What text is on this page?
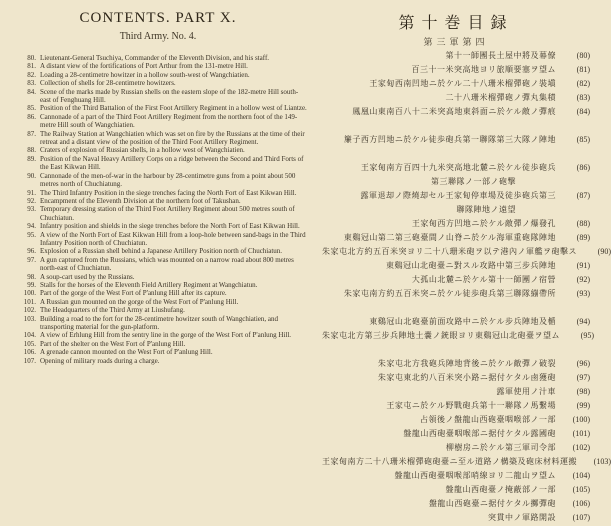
CONTENTS. PART X.
Third Army. No. 4.
80. Lieutenant-General Tsuchiya, Commander of the Eleventh Division, and his staff.
81. A distant view of the fortifications of Port Arthur from the 131-metre Hill.
82. Loading a 28-centimetre howitzer in a hollow south-west of Wangchiatien.
83. Collection of shells for 28-centimetre howitzers.
84. Scene of the marks made by Russian shells on the eastern slope of the 182-metre Hill south-east of Fenghuang Hill.
85. Position of the Third Battalion of the First Foot Artillery Regiment in a hollow west of Liantze.
86. Cannonade of a part of the Third Foot Artillery Regiment from the northern foot of the 149-metre Hill south of Wangchiatien.
87. The Railway Station at Wangchiatien which was set on fire by the Russians at the time of their retreat and a distant view of the position of the Third Foot Artillery Regiment.
88. Craters of explosion of Russian shells, in a hollow west of Wangchiatien.
89. Position of the Naval Heavy Artillery Corps on a ridge between the Second and Third Forts of the East Kikwan Hill.
90. Cannonade of the men-of-war in the harbour by 28-centimetre guns from a point about 500 metres north of Chuchiatung.
91. The Third Infantry Position in the siege trenches facing the North Fort of East Kikwan Hill.
92. Encampment of the Eleventh Division at the northern foot of Takushan.
93. Temporary dressing station of the Third Foot Artillery Regiment about 500 metres south of Chuchiatun.
94. Infantry position and shields in the siege trenches before the North Fort of East Kikwan Hill.
95. A view of the North Fort of East Kikwan Hill from a loop-hole between sand-bags in the Third Infantry Position north of Chuchiatun.
96. Explosion of a Russian shell behind a Japanese Artillery Position north of Chuchiatun.
97. A gun captured from the Russians, which was mounted on a narrow road about 800 metres north-east of Chuchiatun.
98. A soup-cart used by the Russians.
99. Stalls for the horses of the Eleventh Field Artillery Regiment at Wangchiatun.
100. Part of the gorge of the West Fort of P'anlung Hill after its capture.
101. A Russian gun mounted on the gorge of the West Fort of P'anlung Hill.
102. The Headquarters of the Third Army at Liushufang.
103. Building a road to the fort for the 28-centimetre howitzer south of Wangchiatien, and transporting material for the gun-platform.
104. A view of Erhlung Hill from the sentry line in the gorge of the West Fort of P'anlung Hill.
105. Part of the shelter on the West Fort of P'anlung Hill.
106. A grenade cannon mounted on the West Fort of P'anlung Hill.
107. Opening of military roads during a charge.
第十巻目録
第三軍第四
第十一師團長土屋中將及幕僚	(80)
百三十一米突高地ヨリ旅順要塞ヲ望ム	(81)
王家甸西南凹地ニ於ケル二十八珊米榴彈砲ノ裝塡	(82)
二十八珊米榴彈砲ノ彈丸集積	(83)
鳳凰山東南百八十二米突高地東斜面ニ於ケル敵ノ彈痕	(84)
簾子西方凹地ニ於ケル徒歩砲兵第一聯隊第三大隊ノ陣地	(85)
王家甸南方百四十九米突高地北麓ニ於ケル徒歩砲兵	(86)
第三聯隊ノ一部ノ砲撃
露軍退却ノ際燒却セル王家甸停車場及徒歩砲兵第三	(87)
聯隊陣地ノ遠望
王家甸西方凹地ニ於ケル敵彈ノ爆發孔	(88)
東鷄冠山第二第三砲臺間ノ山脊ニ於ケル海軍重砲隊陣地	(89)
朱家屯北方約五百米突ヨリ二十八珊米砲ヲ以テ港內ノ軍艦ヲ砲擊ス	(90)
東鷄冠山北砲臺ニ對スル攻路中第三步兵陣地	(91)
大孤山北麓ニ於ケル第十一師團ノ宿營	(92)
朱家屯南方約五百米突ニ於ケル徒歩砲兵第三聯隊繃帶所	(93)
東鷄冠山北砲臺前面攻路中ニ於ケル步兵陣地及楯	(94)
朱家屯北方第三步兵陣地土嚢ノ銃眼ヨリ東鷄冠山北砲臺ヲ望ム	(95)
朱家屯北方我砲兵陣地背後ニ於ケル敵彈ノ破裂	(96)
朱家屯東北約八百米突小路ニ据付ケタル鹵獲砲	(97)
露軍使用ノ汁車	(98)
王家屯ニ於ケル野戰砲兵第十一聯隊ノ馬繫場	(99)
占領後ノ盤龍山西砲臺咽喉部ノ一部	(100)
盤龍山西砲臺咽喉部ニ据付ケタル露國砲	(101)
柳樹房ニ於ケル第三軍司令部	(102)
王家甸南方二十八珊米榴彈砲砲臺ニ至ル道路ノ構築及砲床材料運搬	(103)
盤龍山西砲臺咽喉部哨線ヨリ二龍山ヲ望ム	(104)
盤龍山西砲臺ノ掩蔽部ノ一部	(105)
盤龍山西砲臺ニ据付ケタル擲彈砲	(106)
突貫中ノ軍路開設	(107)
